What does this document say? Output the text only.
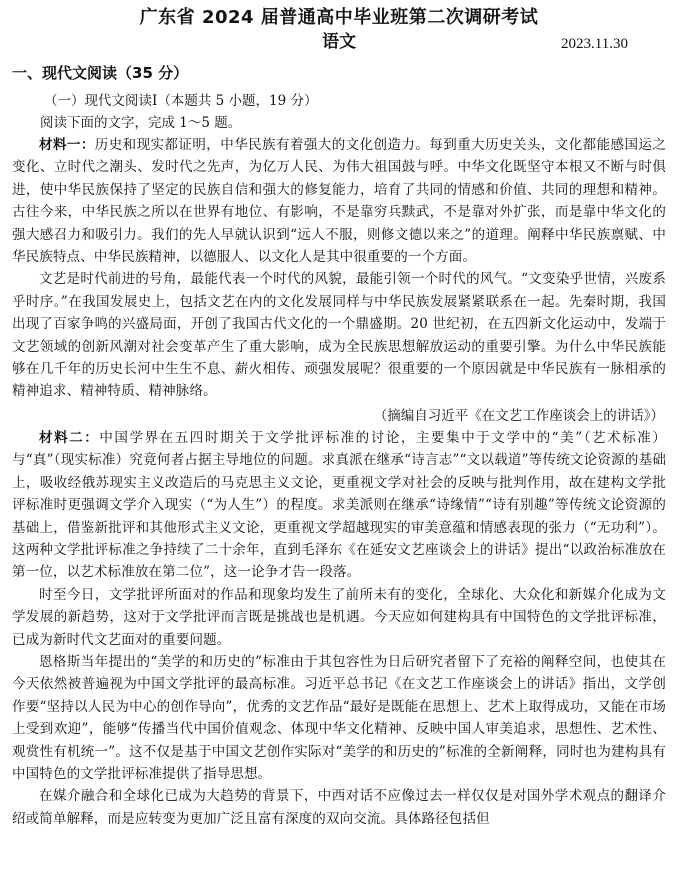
广东省 2024 届普通高中毕业班第二次调研考试
语文	2023.11.30
一、现代文阅读（35 分）
（一）现代文阅读Ⅰ（本题共 5 小题，19 分）
阅读下面的文字，完成 1～5 题。

材料一：历史和现实都证明，中华民族有着强大的文化创造力。每到重大历史关头，文化都能感国运之变化、立时代之潮头、发时代之先声，为亿万人民、为伟大祖国鼓与呼。中华文化既坚守本根又不断与时俱进，使中华民族保持了坚定的民族自信和强大的修复能力，培育了共同的情感和价值、共同的理想和精神。古往今来，中华民族之所以在世界有地位、有影响，不是靠穷兵黩武，不是靠对外扩张，而是靠中华文化的强大感召力和吸引力。我们的先人早就认识到“远人不服，则修文德以来之”的道理。阐释中华民族禀赋、中华民族特点、中华民族精神，以德服人、以文化人是其中很重要的一个方面。

文艺是时代前进的号角，最能代表一个时代的风貌，最能引领一个时代的风气。“文变染乎世情，兴废系乎时序。”在我国发展史上，包括文艺在内的文化发展同样与中华民族发展紧紧联系在一起。先秦时期，我国出现了百家争鸣的兴盛局面，开创了我国古代文化的一个鼎盛期。20 世纪初，在五四新文化运动中，发端于文艺领域的创新风潮对社会变革产生了重大影响，成为全民族思想解放运动的重要引擎。为什么中华民族能够在几千年的历史长河中生生不息、薪火相传、顽强发展呢？很重要的一个原因就是中华民族有一脉相承的精神追求、精神特质、精神脉络。

（摘编自习近平《在文艺工作座谈会上的讲话》）

材料二：中国学界在五四时期关于文学批评标准的讨论，主要集中于文学中的“美”（艺术标准）与“真”（现实标准）究竟何者占据主导地位的问题。求真派在继承“诗言志”“文以载道”等传统文论资源的基础上，吸收经俄苏现实主义改造后的马克思主义文论，更重视文学对社会的反映与批判作用，故在建构文学批评标准时更强调文学介入现实（“为人生”）的程度。求美派则在继承“诗缘情”“诗有别趣”等传统文论资源的基础上，借鉴新批评和其他形式主义文论，更重视文学超越现实的审美意蕴和情感表现的张力（“无功利”）。这两种文学批评标准之争持续了二十余年，直到毛泽东《在延安文艺座谈会上的讲话》提出“以政治标准放在第一位，以艺术标准放在第二位”，这一论争才告一段落。

时至今日，文学批评所面对的作品和现象均发生了前所未有的变化，全球化、大众化和新媒介化成为文学发展的新趋势，这对于文学批评而言既是挑战也是机遇。今天应如何建构具有中国特色的文学批评标准，已成为新时代文艺面对的重要问题。

恩格斯当年提出的“美学的和历史的”标准由于其包容性为日后研究者留下了充裕的阐释空间，也使其在今天依然被普遍视为中国文学批评的最高标准。习近平总书记《在文艺工作座谈会上的讲话》指出，文学创作要“坚持以人民为中心的创作导向”，优秀的文艺作品“最好是既能在思想上、艺术上取得成功，又能在市场上受到欢迎”，能够“传播当代中国价值观念、体现中华文化精神、反映中国人审美追求，思想性、艺术性、观赏性有机统一”。这不仅是基于中国文艺创作实际对“美学的和历史的”标准的全新阐释，同时也为建构具有中国特色的文学批评标准提供了指导思想。

在媒介融合和全球化已成为大趋势的背景下，中西对话不应像过去一样仅仅是对国外学术观点的翻译介绍或简单解释，而是应转变为更加广泛且富有深度的双向交流。具体路径包括但
